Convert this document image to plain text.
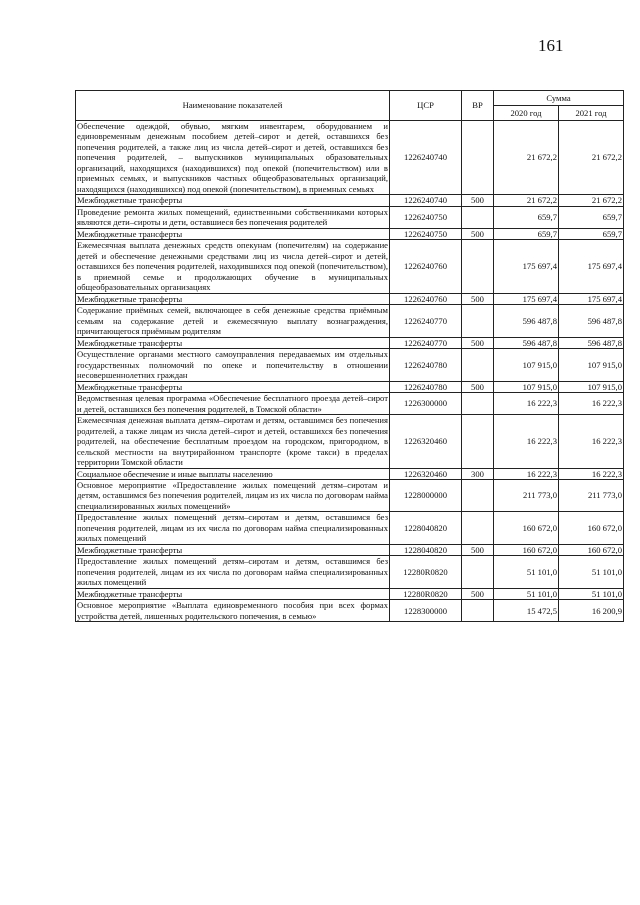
161
Наименование показателей	ЦСР	ВР	Сумма	
			2020 год	2021 год
Обеспечение одеждой, обувью, мягким инвентарем, оборудованием и единовременным денежным пособием детей–сирот и детей, оставшихся без попечения родителей, а также лиц из числа детей–сирот и детей, оставшихся без попечения родителей, – выпускников муниципальных образовательных организаций, находящихся (находившихся) под опекой (попечительством) или в приемных семьях, и выпускников частных общеобразовательных организаций, находящихся (находившихся) под опекой (попечительством), в приемных семьях	1226240740		21 672,2	21 672,2
Межбюджетные трансферты	1226240740	500	21 672,2	21 672,2
Проведение ремонта жилых помещений, единственными собственниками которых являются дети–сироты и дети, оставшиеся без попечения родителей	1226240750		659,7	659,7
Межбюджетные трансферты	1226240750	500	659,7	659,7
Ежемесячная выплата денежных средств опекунам (попечителям) на содержание детей и обеспечение денежными средствами лиц из числа детей–сирот и детей, оставшихся без попечения родителей, находившихся под опекой (попечительством), в приемной семье и продолжающих обучение в муниципальных общеобразовательных организациях	1226240760		175 697,4	175 697,4
Межбюджетные трансферты	1226240760	500	175 697,4	175 697,4
Содержание приёмных семей, включающее в себя денежные средства приёмным семьям на содержание детей и ежемесячную выплату вознаграждения, причитающегося приёмным родителям	1226240770		596 487,8	596 487,8
Межбюджетные трансферты	1226240770	500	596 487,8	596 487,8
Осуществление органами местного самоуправления передаваемых им отдельных государственных полномочий по опеке и попечительству в отношении несовершеннолетних граждан	1226240780		107 915,0	107 915,0
Межбюджетные трансферты	1226240780	500	107 915,0	107 915,0
Ведомственная целевая программа «Обеспечение бесплатного проезда детей–сирот и детей, оставшихся без попечения родителей, в Томской области»	1226300000		16 222,3	16 222,3
Ежемесячная денежная выплата детям–сиротам и детям, оставшимся без попечения родителей, а также лицам из числа детей–сирот и детей, оставшихся без попечения родителей, на обеспечение бесплатным проездом на городском, пригородном, в сельской местности на внутрирайонном транспорте (кроме такси) в пределах территории Томской области	1226320460		16 222,3	16 222,3
Социальное обеспечение и иные выплаты населению	1226320460	300	16 222,3	16 222,3
Основное мероприятие «Предоставление жилых помещений детям–сиротам и детям, оставшимся без попечения родителей, лицам из их числа по договорам найма специализированных жилых помещений»	1228000000		211 773,0	211 773,0
Предоставление жилых помещений детям–сиротам и детям, оставшимся без попечения родителей, лицам из их числа по договорам найма специализированных жилых помещений	1228040820		160 672,0	160 672,0
Межбюджетные трансферты	1228040820	500	160 672,0	160 672,0
Предоставление жилых помещений детям–сиротам и детям, оставшимся без попечения родителей, лицам из их числа по договорам найма специализированных жилых помещений	12280R0820		51 101,0	51 101,0
Межбюджетные трансферты	12280R0820	500	51 101,0	51 101,0
Основное мероприятие «Выплата единовременного пособия при всех формах устройства детей, лишенных родительского попечения, в семью»	1228300000		15 472,5	16 200,9
